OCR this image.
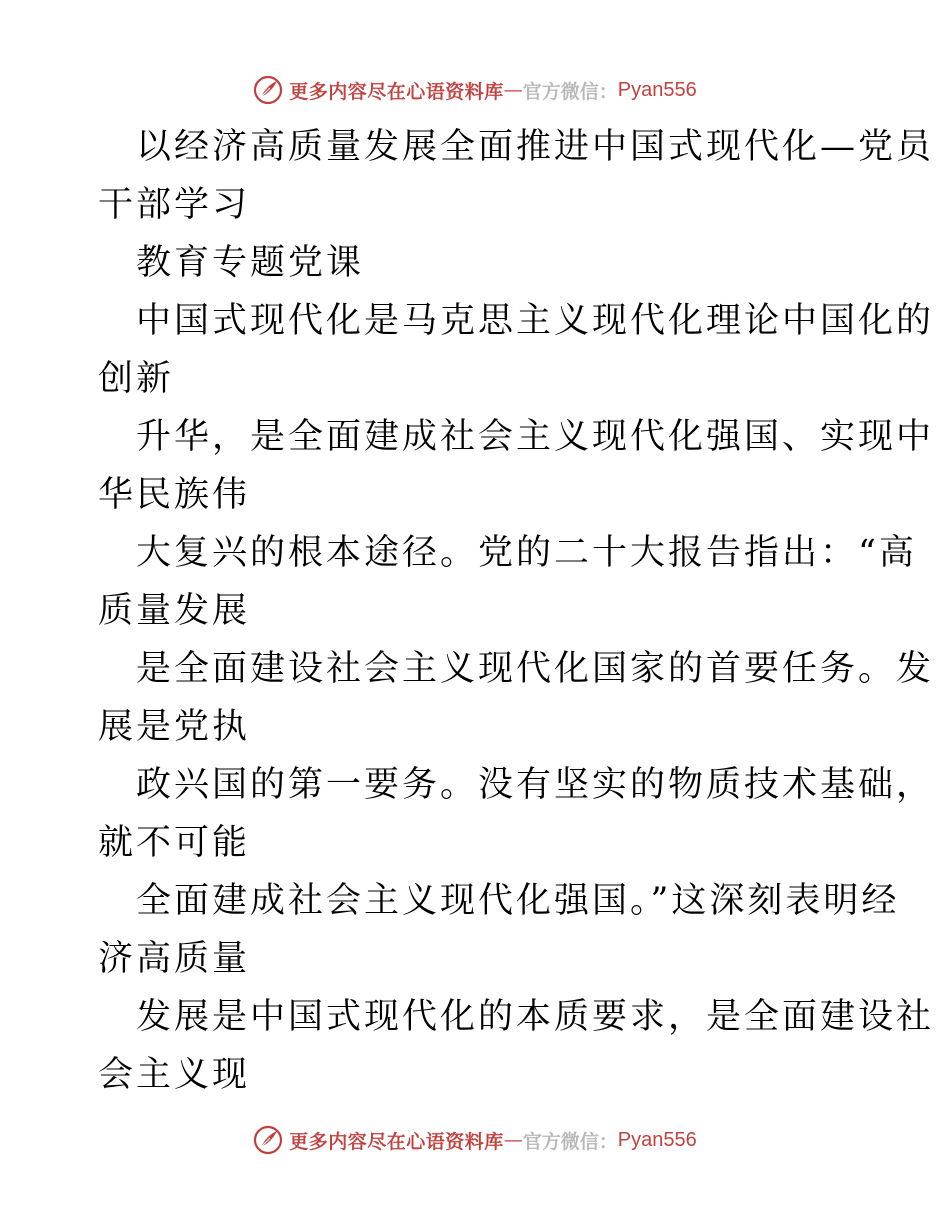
更多内容尽在心语资料库 — 官方微信： Pyan556
以经济高质量发展全面推进中国式现代化—党员
干部学习
教育专题党课
中国式现代化是马克思主义现代化理论中国化的
创新
升华，是全面建成社会主义现代化强国、实现中
华民族伟
大复兴的根本途径。党的二十大报告指出：“高
质量发展
是全面建设社会主义现代化国家的首要任务。发
展是党执
政兴国的第一要务。没有坚实的物质技术基础，
就不可能
全面建成社会主义现代化强国。”这深刻表明经
济高质量
发展是中国式现代化的本质要求，是全面建设社
会主义现
更多内容尽在心语资料库 — 官方微信： Pyan556
